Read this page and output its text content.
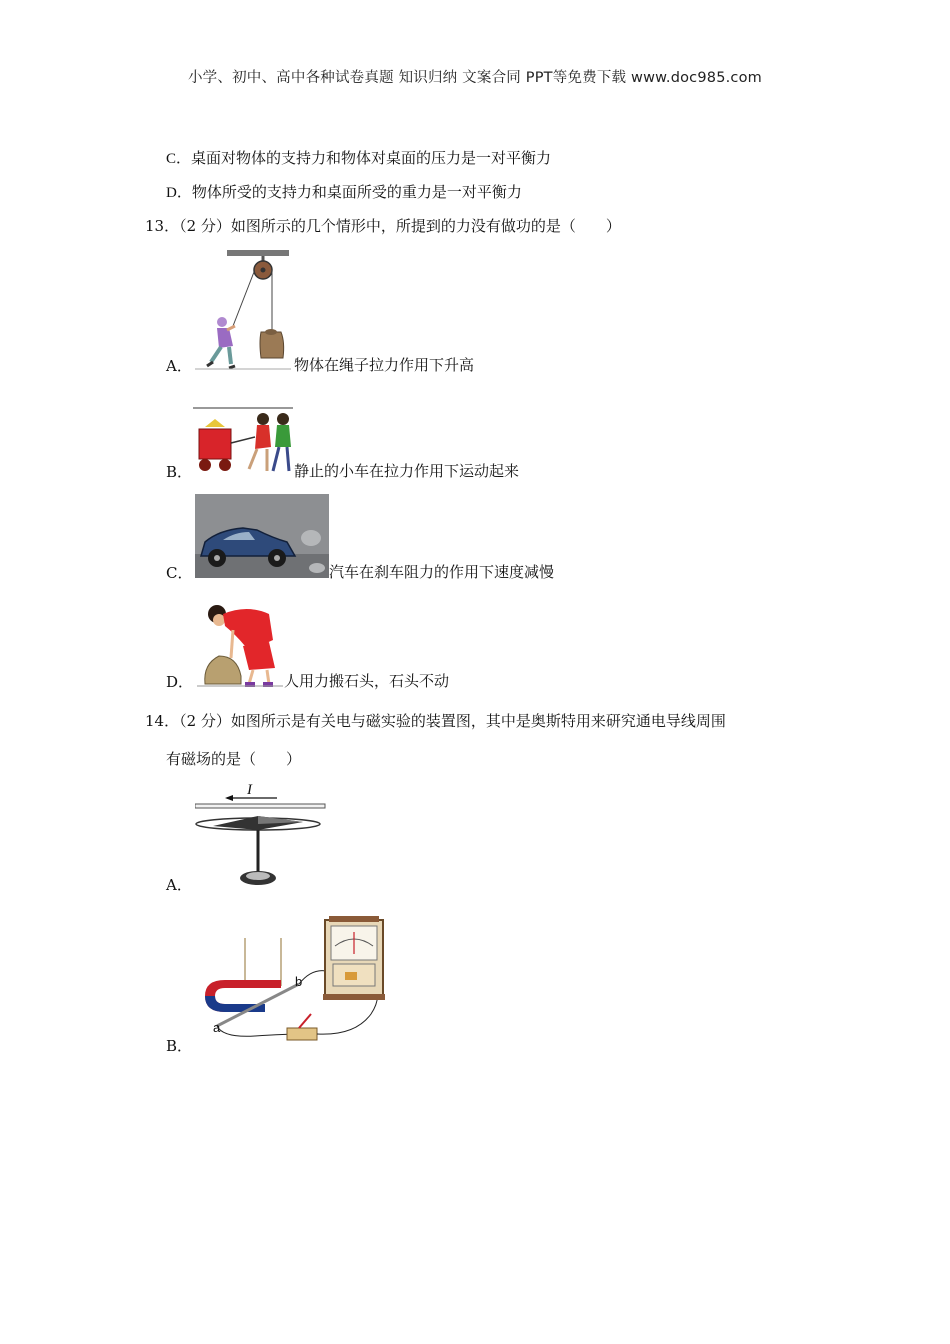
小学、初中、高中各种试卷真题 知识归纳 文案合同 PPT等免费下载 www.doc985.com
C．桌面对物体的支持力和物体对桌面的压力是一对平衡力
D．物体所受的支持力和桌面所受的重力是一对平衡力
13．（2 分）如图所示的几个情形中，所提到的力没有做功的是（　　）
A．	物体在绳子拉力作用下升高
B．	静止的小车在拉力作用下运动起来
C．	汽车在刹车阻力的作用下速度减慢
D．	人用力搬石头，石头不动
14．（2 分）如图所示是有关电与磁实验的装置图，其中是奥斯特用来研究通电导线周围
有磁场的是（　　）
I
A．
a
b
B．
